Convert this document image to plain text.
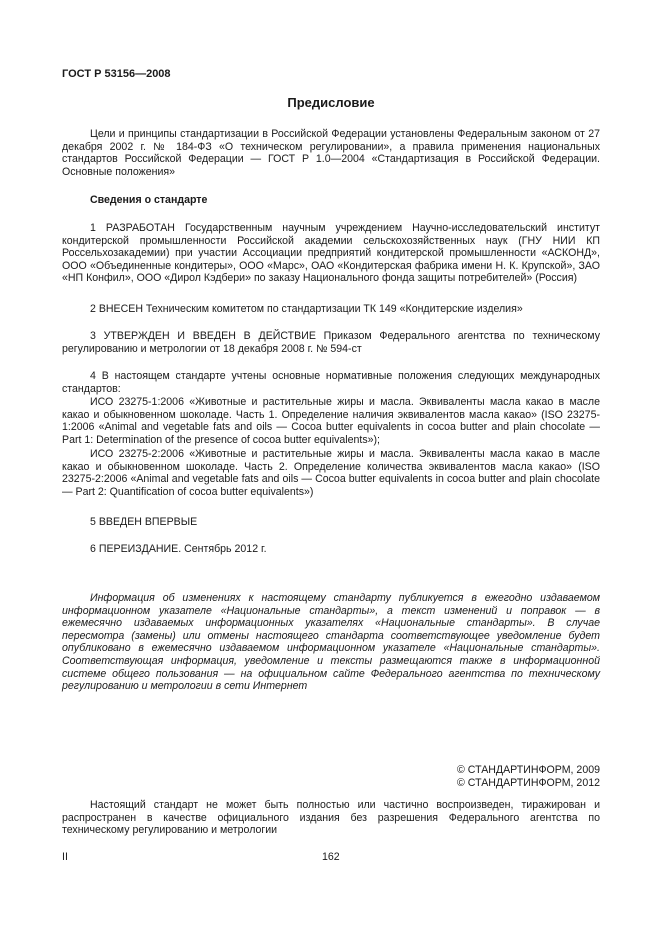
ГОСТ Р 53156—2008
Предисловие

Цели и принципы стандартизации в Российской Федерации установлены Федеральным законом от 27 декабря 2002 г. № 184-ФЗ «О техническом регулировании», а правила применения национальных стандартов Российской Федерации — ГОСТ Р 1.0—2004 «Стандартизация в Российской Федерации. Основные положения»

Сведения о стандарте

1 РАЗРАБОТАН Государственным научным учреждением Научно-исследовательский институт кондитерской промышленности Российской академии сельскохозяйственных наук (ГНУ НИИ КП Россельхозакадемии) при участии Ассоциации предприятий кондитерской промышленности «АСКОНД», ООО «Объединенные кондитеры», ООО «Марс», ОАО «Кондитерская фабрика имени Н. К. Крупской», ЗАО «НП Конфил», ООО «Дирол Кэдбери» по заказу Национального фонда защиты потребителей» (Россия)

2 ВНЕСЕН Техническим комитетом по стандартизации ТК 149 «Кондитерские изделия»

3 УТВЕРЖДЕН И ВВЕДЕН В ДЕЙСТВИЕ Приказом Федерального агентства по техническому регулированию и метрологии от 18 декабря 2008 г. № 594-ст

4 В настоящем стандарте учтены основные нормативные положения следующих международных стандартов:

ИСО 23275-1:2006 «Животные и растительные жиры и масла. Эквиваленты масла какао в масле какао и обыкновенном шоколаде. Часть 1. Определение наличия эквивалентов масла какао» (ISO 23275-1:2006 «Animal and vegetable fats and oils — Cocoa butter equivalents in cocoa butter and plain chocolate — Part 1: Determination of the presence of cocoa butter equivalents»);

ИСО 23275-2:2006 «Животные и растительные жиры и масла. Эквиваленты масла какао в масле какао и обыкновенном шоколаде. Часть 2. Определение количества эквивалентов масла какао» (ISO 23275-2:2006 «Animal and vegetable fats and oils — Cocoa butter equivalents in cocoa butter and plain chocolate — Part 2: Quantification of cocoa butter equivalents»)

5 ВВЕДЕН ВПЕРВЫЕ

6 ПЕРЕИЗДАНИЕ. Сентябрь 2012 г.

Информация об изменениях к настоящему стандарту публикуется в ежегодно издаваемом информационном указателе «Национальные стандарты», а текст изменений и поправок — в ежемесячно издаваемых информационных указателях «Национальные стандарты». В случае пересмотра (замены) или отмены настоящего стандарта соответствующее уведомление будет опубликовано в ежемесячно издаваемом информационном указателе «Национальные стандарты». Соответствующая информация, уведомление и тексты размещаются также в информационной системе общего пользования — на официальном сайте Федерального агентства по техническому регулированию и метрологии в сети Интернет

© СТАНДАРТИНФОРМ, 2009
© СТАНДАРТИНФОРМ, 2012

Настоящий стандарт не может быть полностью или частично воспроизведен, тиражирован и распространен в качестве официального издания без разрешения Федерального агентства по техническому регулированию и метрологии

II	162
